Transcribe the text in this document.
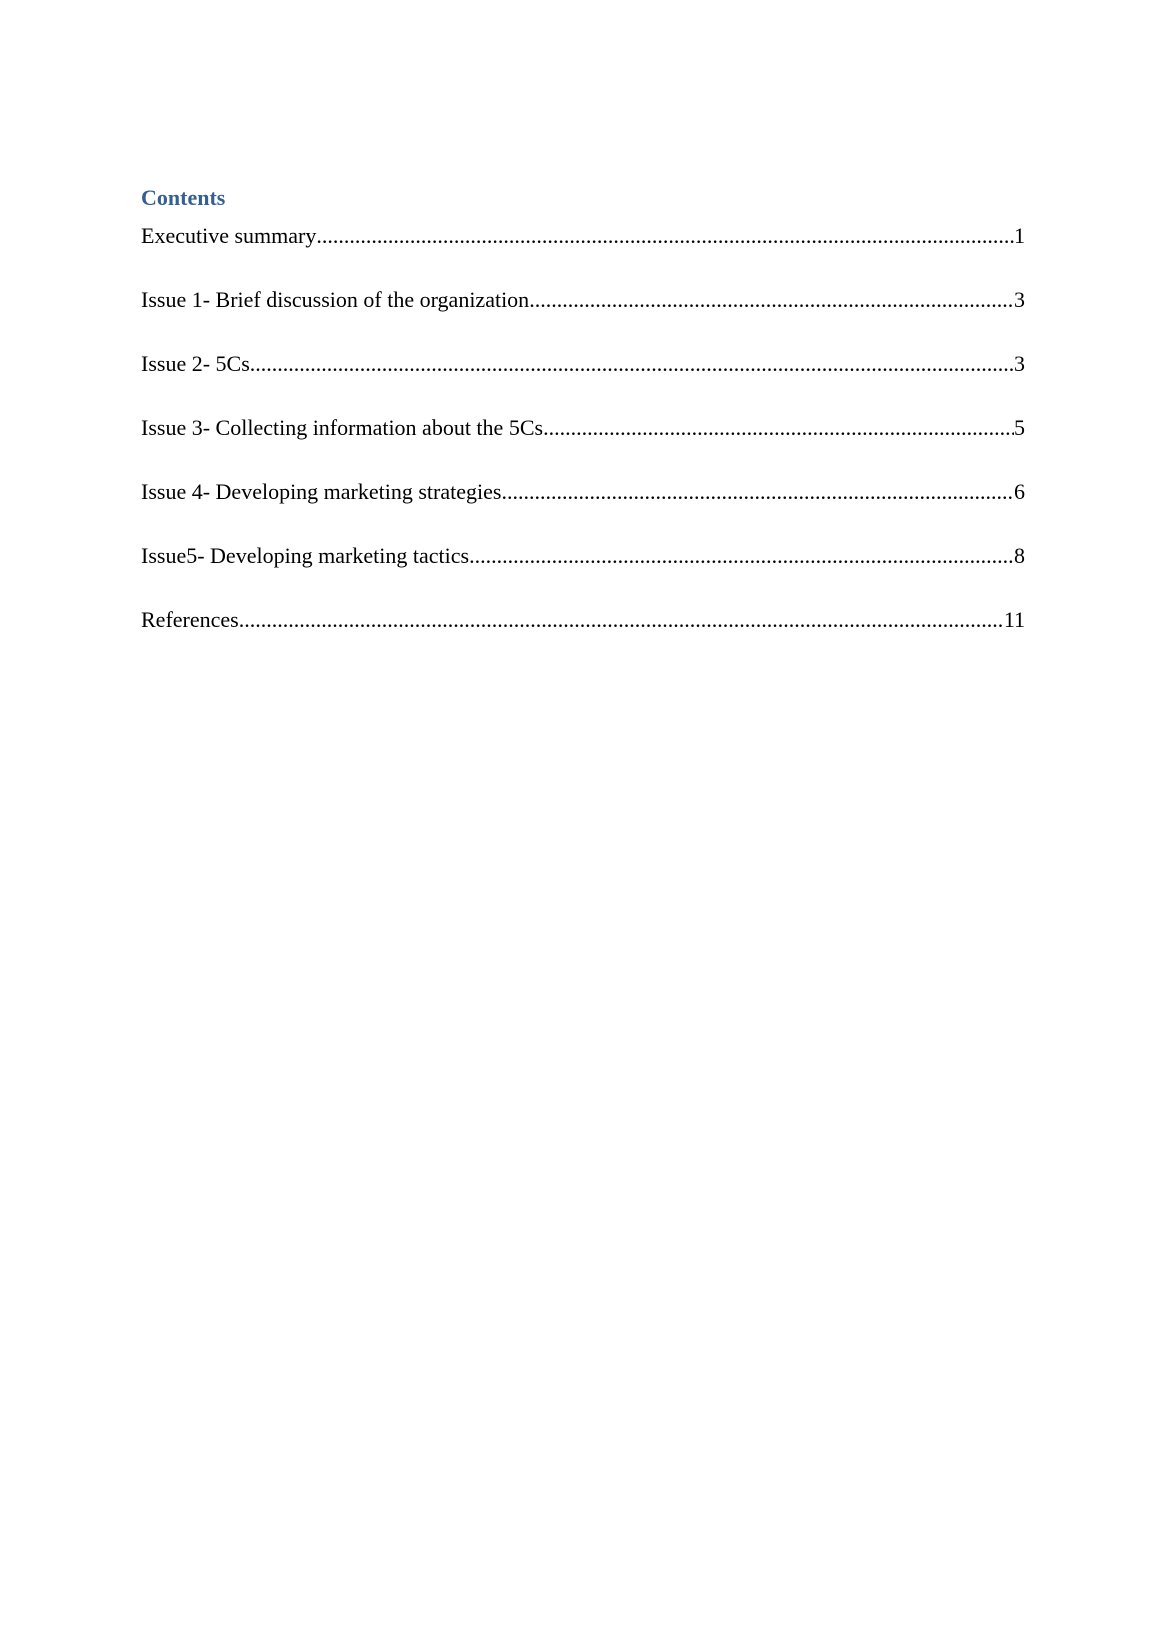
Contents
Executive summary .....	1
Issue 1- Brief discussion of the organization .....	3
Issue 2- 5Cs .....	3
Issue 3- Collecting information about the 5Cs .....	5
Issue 4- Developing marketing strategies .....	6
Issue5- Developing marketing tactics .....	8
References .....	11
